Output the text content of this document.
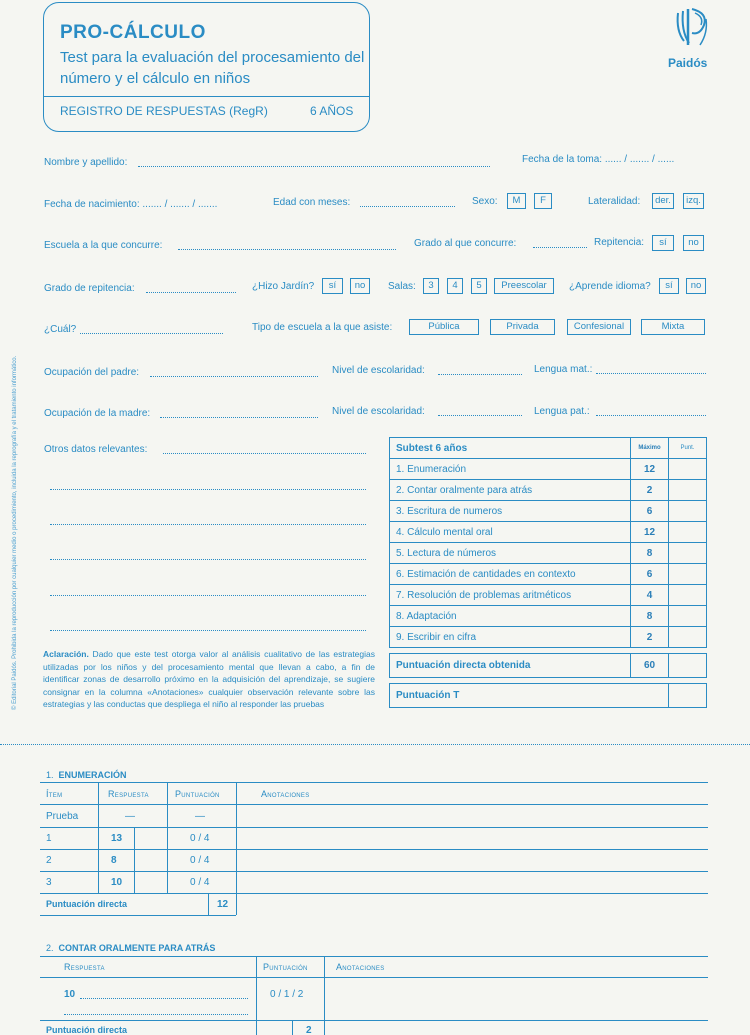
PRO-CÁLCULO
Test para la evaluación del procesamiento del número y el cálculo en niños
REGISTRO DE RESPUESTAS (RegR)	6 AÑOS
Paidós
© Editorial Paidós. Prohibida la reproducción por cualquier medio o procedimiento, incluida la reprografía y el tratamiento informático.
Nombre y apellido:	Fecha de la toma: ...... / ....... / ......
Fecha de nacimiento: ....... / ....... / .......	Edad con meses:	Sexo:	M	F	Lateralidad:	der.	izq.
Escuela a la que concurre:	Grado al que concurre:	Repitencia:	sí	no
Grado de repitencia:	¿Hizo Jardín?	sí	no	Salas:	3	4	5	Preescolar	¿Aprende idioma?	sí	no
¿Cuál?	Tipo de escuela a la que asiste:	Pública	Privada	Confesional	Mixta
Ocupación del padre:	Nivel de escolaridad:	Lengua mat.:
Ocupación de la madre:	Nivel de escolaridad:	Lengua pat.:
Otros datos relevantes:	Subtest 6 años	Máximo	Punt.
1. Enumeración	12	
2. Contar oralmente para atrás	2	
3. Escritura de numeros	6	
4. Cálculo mental oral	12	
5. Lectura de números	8	
6. Estimación de cantidades en contexto	6	
7. Resolución de problemas aritméticos	4	
8. Adaptación	8	
9. Escribir en cifra	2	

Puntuación directa obtenida	60	

Puntuación T		
Aclaración. Dado que este test otorga valor al análisis cualitativo de las estrategias utilizadas por los niños y del procesamiento mental que llevan a cabo, a fin de identificar zonas de desarrollo próximo en la adquisición del aprendizaje, se sugiere consignar en la columna «Anotaciones» cualquier observación relevante sobre las estrategias y las conductas que despliega el niño al responder las pruebas
1. ENUMERACIÓN
Ítem	Respuesta	Puntuación	Anotaciones
Prueba	—	—
1	13	0 / 4
2	8	0 / 4
3	10	0 / 4
Puntuación directa	12
2. CONTAR ORALMENTE PARA ATRÁS
Respuesta	Puntuación	Anotaciones
10	0 / 1 / 2
Puntuación directa	2
